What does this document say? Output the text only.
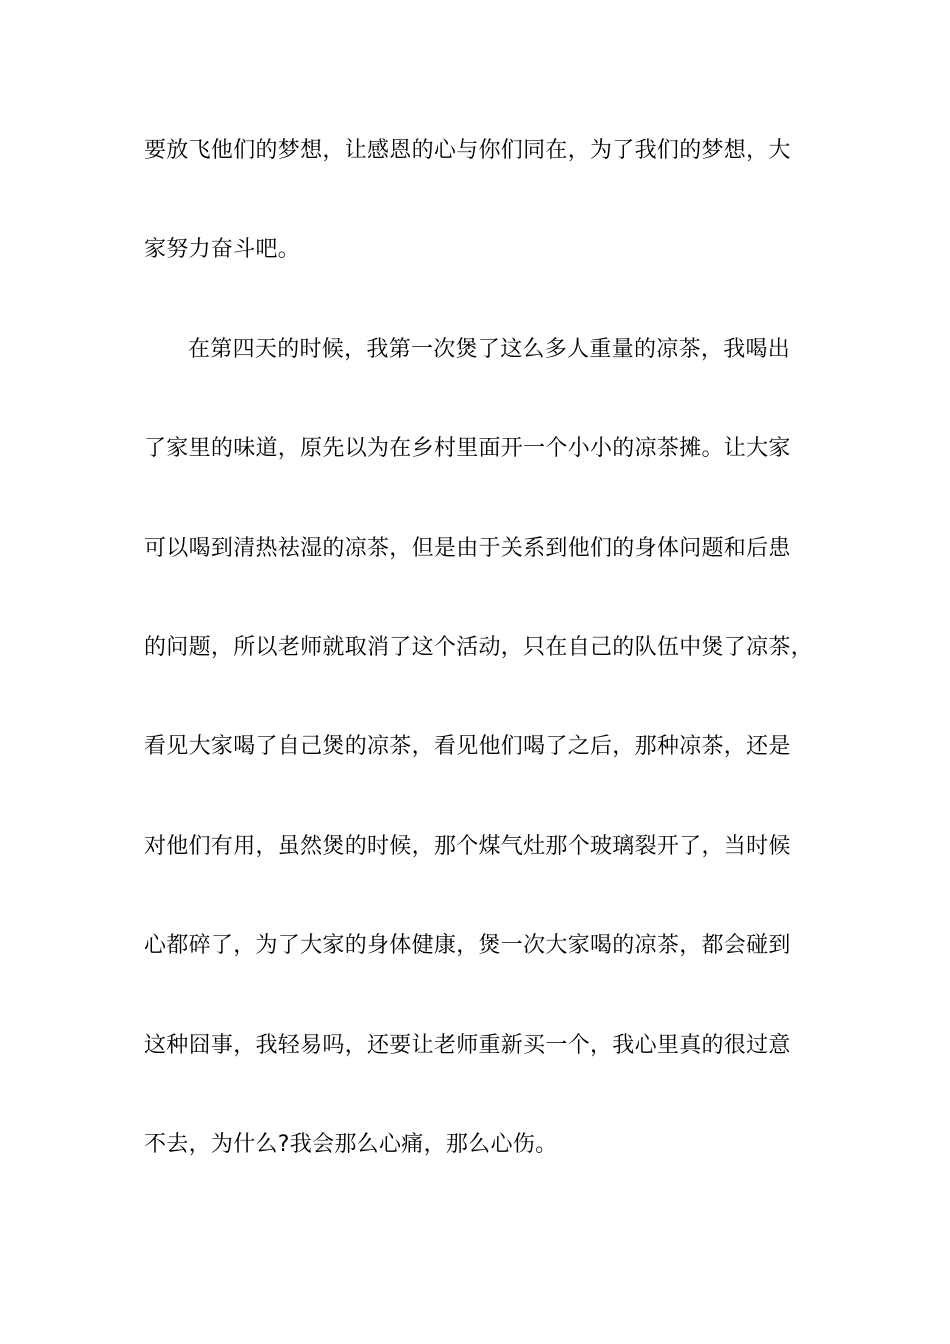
要放飞他们的梦想，让感恩的心与你们同在，为了我们的梦想，大
家努力奋斗吧。
在第四天的时候，我第一次煲了这么多人重量的凉茶，我喝出
了家里的味道，原先以为在乡村里面开一个小小的凉茶摊。让大家
可以喝到清热祛湿的凉茶，但是由于关系到他们的身体问题和后患
的问题，所以老师就取消了这个活动，只在自己的队伍中煲了凉茶，
看见大家喝了自己煲的凉茶，看见他们喝了之后，那种凉茶，还是
对他们有用，虽然煲的时候，那个煤气灶那个玻璃裂开了，当时候
心都碎了，为了大家的身体健康，煲一次大家喝的凉茶，都会碰到
这种囧事，我轻易吗，还要让老师重新买一个，我心里真的很过意
不去，为什么?我会那么心痛，那么心伤。
